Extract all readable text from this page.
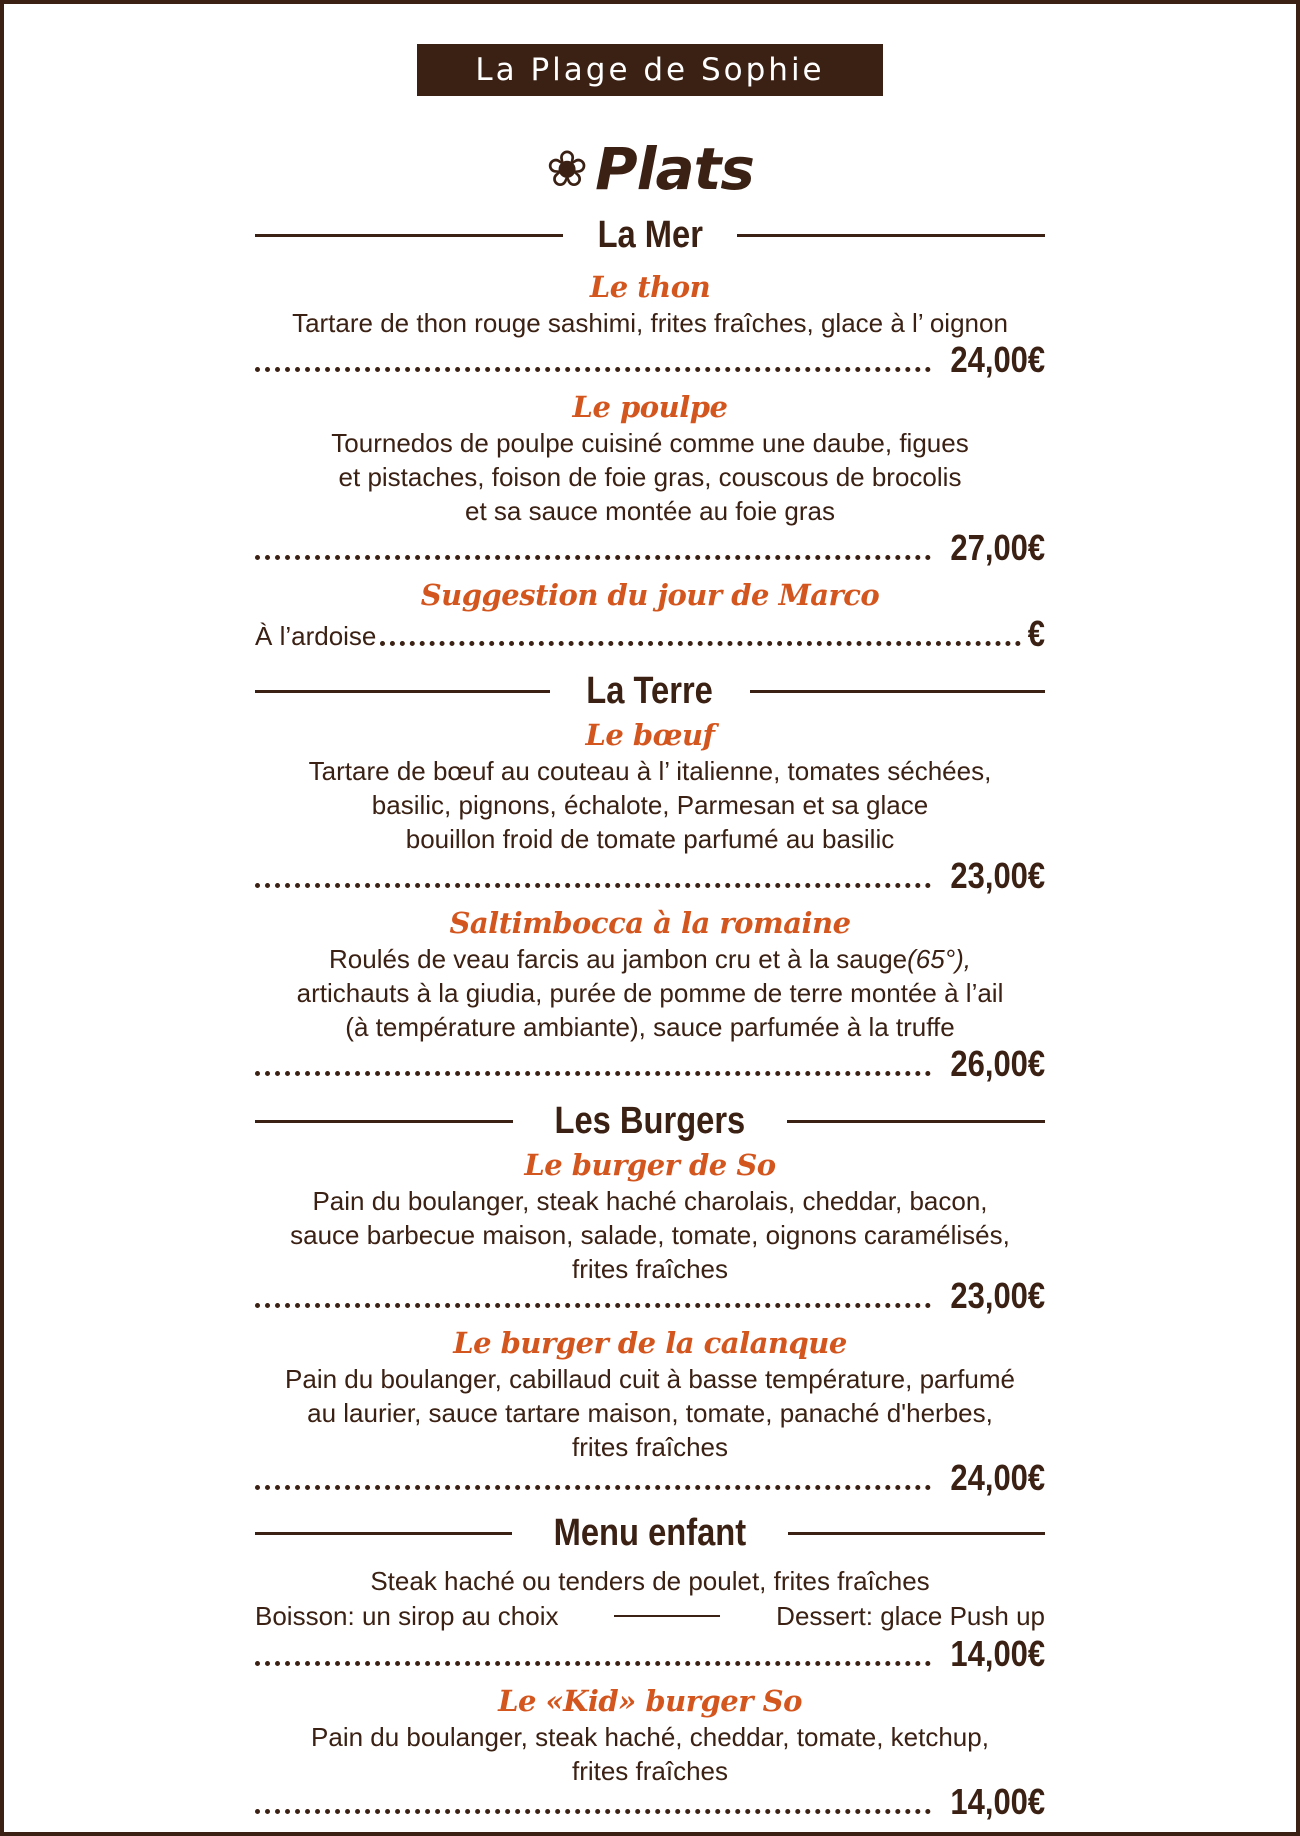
La Plage de Sophie
❀ Plats
La Mer
Le thon
Tartare de thon rouge sashimi, frites fraîches, glace à l’ oignon
24,00€
Le poulpe
Tournedos de poulpe cuisiné comme une daube, figues
et pistaches, foison de foie gras, couscous de brocolis
et sa sauce montée au foie gras
27,00€
Suggestion du jour de Marco
À l’ardoise	€
La Terre
Le bœuf
Tartare de bœuf au couteau à l’ italienne, tomates séchées,
basilic, pignons, échalote, Parmesan et sa glace
bouillon froid de tomate parfumé au basilic
23,00€
Saltimbocca à la romaine
Roulés de veau farcis au jambon cru et à la sauge(65°),
artichauts à la giudia, purée de pomme de terre montée à l’ail
(à température ambiante), sauce parfumée à la truffe
26,00€
Les Burgers
Le burger de So
Pain du boulanger, steak haché charolais, cheddar, bacon,
sauce barbecue maison, salade, tomate, oignons caramélisés,
frites fraîches
23,00€
Le burger de la calanque
Pain du boulanger, cabillaud cuit à basse température, parfumé
au laurier, sauce tartare maison, tomate, panaché d'herbes,
frites fraîches
24,00€
Menu enfant
Steak haché ou tenders de poulet, frites fraîches
Boisson: un sirop au choix	Dessert: glace Push up
14,00€
Le «Kid» burger So
Pain du boulanger, steak haché, cheddar, tomate, ketchup,
frites fraîches
14,00€
